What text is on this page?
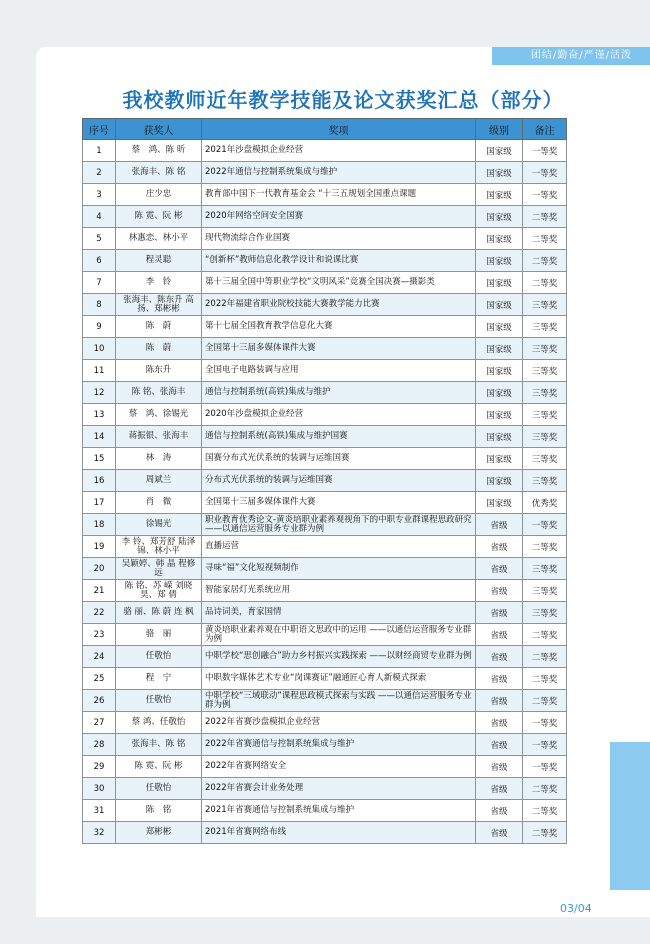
团结/勤奋/严谨/活泼
我校教师近年教学技能及论文获奖汇总（部分）
序号	获奖人	奖项	级别	备注
1	蔡　鸿、陈 昕	2021年沙盘模拟企业经营	国家级	一等奖
2	张海丰、陈 铭	2022年通信与控制系统集成与维护	国家级	一等奖
3	庄少忠	教育部中国下一代教育基金会 “十三五规划全国重点课题	国家级	一等奖
4	陈 霓、阮 彬	2020年网络空间安全国赛	国家级	二等奖
5	林惠恋、林小平	现代物流综合作业国赛	国家级	二等奖
6	程灵聪	“创新杯”教师信息化教学设计和说课比赛	国家级	二等奖
7	李　铃	第十三届全国中等职业学校“文明风采”竞赛全国决赛—摄影类	国家级	二等奖
8	张海丰、陈东升 高 扬、郑彬彬	2022年福建省职业院校技能大赛教学能力比赛	国家级	三等奖
9	陈　蔚	第十七届全国教育教学信息化大赛	国家级	三等奖
10	陈　蔚	全国第十三届多媒体课件大赛	国家级	三等奖
11	陈东升	全国电子电路装调与应用	国家级	三等奖
12	陈 铭、张海丰	通信与控制系统(高铁)集成与维护	国家级	三等奖
13	蔡　鸿、徐锡光	2020年沙盘模拟企业经营	国家级	三等奖
14	蒋振银、张海丰	通信与控制系统(高铁)集成与维护国赛	国家级	三等奖
15	林　涛	国赛分布式光伏系统的装调与运维国赛	国家级	三等奖
16	周斌兰	分布式光伏系统的装调与运维国赛	国家级	三等奖
17	肖　微	全国第十三届多媒体课件大赛	国家级	优秀奖
18	徐锡光	职业教育优秀论文-黄炎培职业素养观视角下的中职专业群课程思政研究——以通信运营服务专业群为例	省级	一等奖
19	李 铃、郑芳舒 陆泽锦、林小平	直播运营	省级	二等奖
20	吴颖婷、韩 晶 程修远	寻味“福”文化短视频制作	省级	三等奖
21	陈 铭、苏 嵘 刘晓昊、郑 倩	智能家居灯光系统应用	省级	三等奖
22	骆 丽、陈 蔚 连 枫	品诗词美，育家国情	省级	三等奖
23	骆　丽	黄炎培职业素养观在中职语文思政中的运用 ——以通信运营服务专业群为例	省级	二等奖
24	任敬怡	中职学校“思创融合”助力乡村振兴实践探索 ——以财经商贸专业群为例	省级	二等奖
25	程　宁	中职数字媒体艺术专业“岗课赛证”融通匠心育人新模式探索	省级	二等奖
26	任敬怡	中职学校“三域联动”课程思政模式探索与实践 ——以通信运营服务专业群为例	省级	二等奖
27	蔡 鸿、任敬怡	2022年省赛沙盘模拟企业经营	省级	一等奖
28	张海丰、陈 铭	2022年省赛通信与控制系统集成与维护	省级	一等奖
29	陈 霓、阮 彬	2022年省赛网络安全	省级	一等奖
30	任敬怡	2022年省赛会计业务处理	省级	二等奖
31	陈　铭	2021年省赛通信与控制系统集成与维护	省级	二等奖
32	郑彬彬	2021年省赛网络布线	省级	二等奖
03/04
